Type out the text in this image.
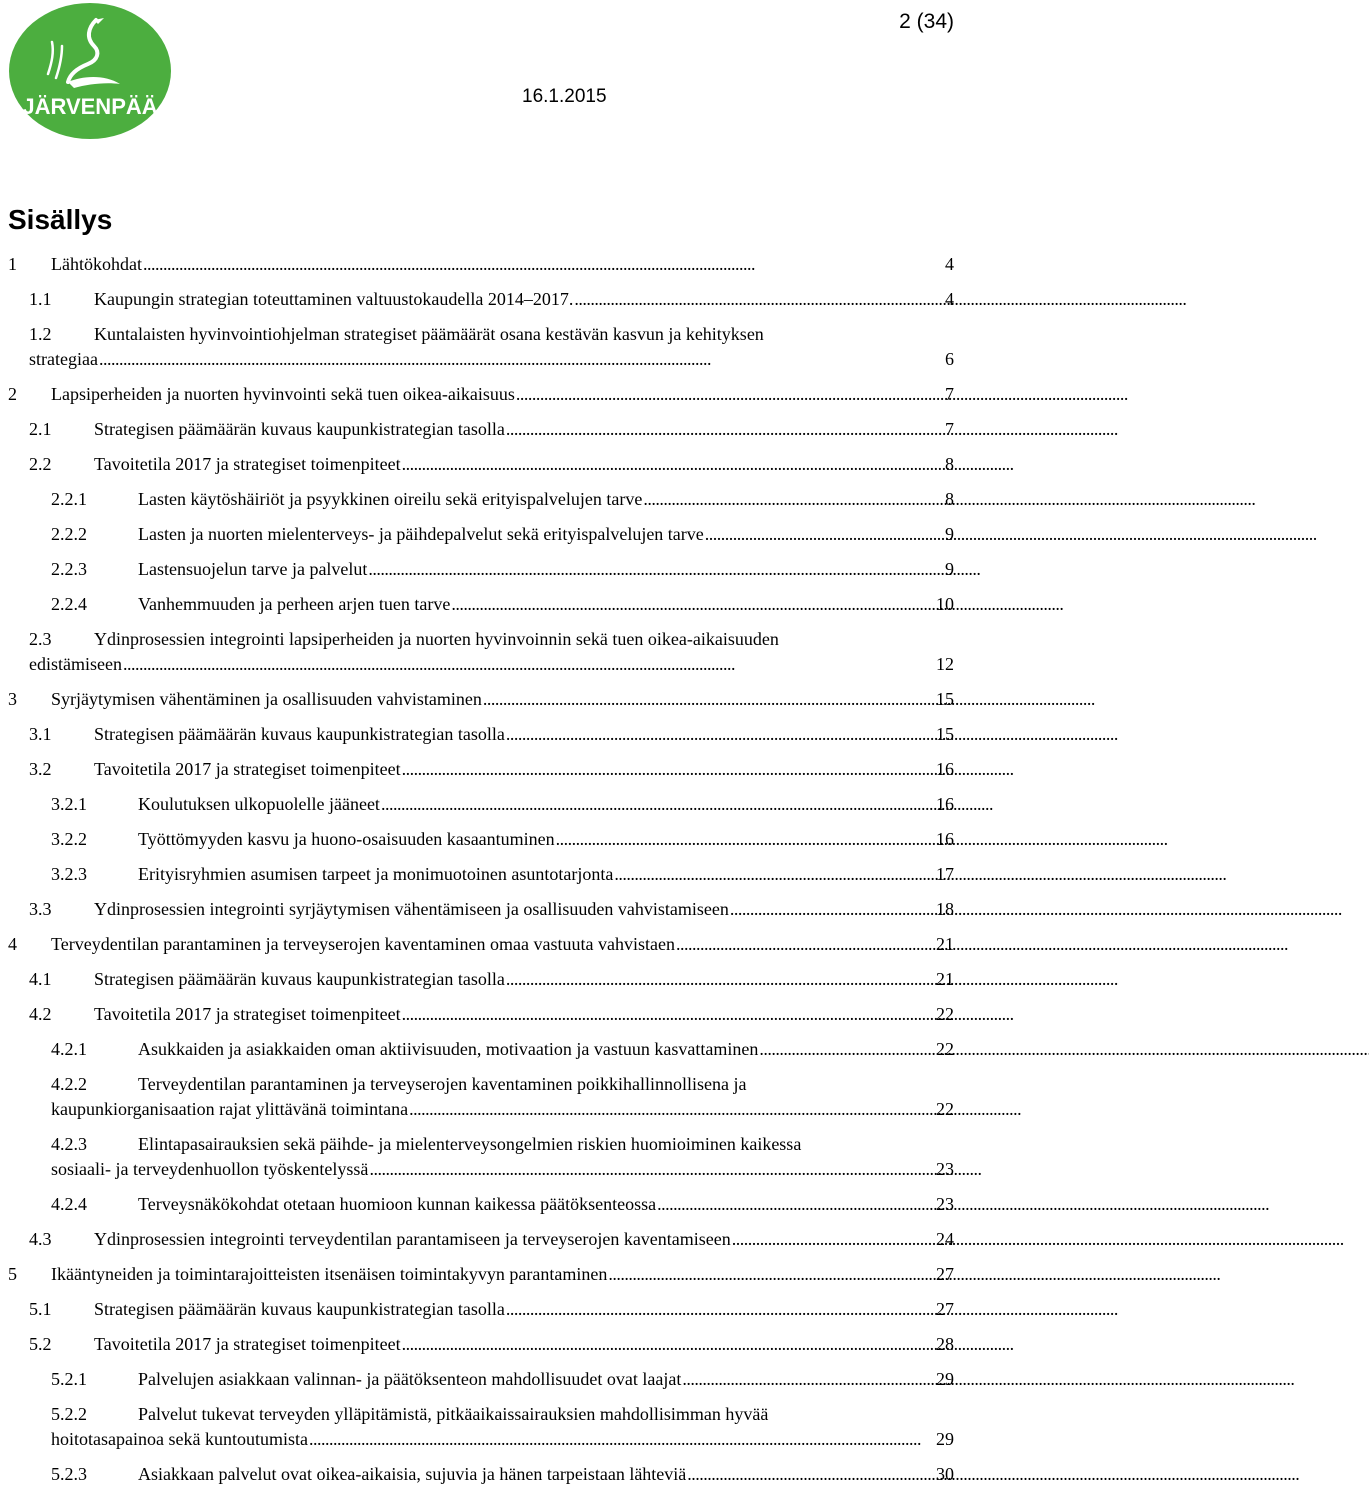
JÄRVENPÄÄ
2 (34)
16.1.2015
Sisällys
1 Lähtökohdat . . .	4
1.1 Kaupungin strategian toteuttaminen valtuustokaudella 2014–2017. . . .	4
1.2 Kuntalaisten hyvinvointiohjelman strategiset päämäärät osana kestävän kasvun ja kehityksen
strategiaa . . .	6
2 Lapsiperheiden ja nuorten hyvinvointi sekä tuen oikea-aikaisuus . . .	7
2.1 Strategisen päämäärän kuvaus kaupunkistrategian tasolla . . .	7
2.2 Tavoitetila 2017 ja strategiset toimenpiteet . . .	8
2.2.1	Lasten käytöshäiriöt ja psyykkinen oireilu sekä erityispalvelujen tarve . . .	8
2.2.2	Lasten ja nuorten mielenterveys- ja päihdepalvelut sekä erityispalvelujen tarve . . .	9
2.2.3	Lastensuojelun tarve ja palvelut . . .	9
2.2.4	Vanhemmuuden ja perheen arjen tuen tarve . . .	10
2.3 Ydinprosessien integrointi lapsiperheiden ja nuorten hyvinvoinnin sekä tuen oikea-aikaisuuden
edistämiseen . . .	12
3 Syrjäytymisen vähentäminen ja osallisuuden vahvistaminen . . .	15
3.1 Strategisen päämäärän kuvaus kaupunkistrategian tasolla . . .	15
3.2 Tavoitetila 2017 ja strategiset toimenpiteet . . .	16
3.2.1	Koulutuksen ulkopuolelle jääneet . . .	16
3.2.2	Työttömyyden kasvu ja huono-osaisuuden kasaantuminen . . .	16
3.2.3	Erityisryhmien asumisen tarpeet ja monimuotoinen asuntotarjonta . . .	17
3.3 Ydinprosessien integrointi syrjäytymisen vähentämiseen ja osallisuuden vahvistamiseen . . .	18
4 Terveydentilan parantaminen ja terveyserojen kaventaminen omaa vastuuta vahvistaen . . .	21
4.1 Strategisen päämäärän kuvaus kaupunkistrategian tasolla . . .	21
4.2 Tavoitetila 2017 ja strategiset toimenpiteet . . .	22
4.2.1	Asukkaiden ja asiakkaiden oman aktiivisuuden, motivaation ja vastuun kasvattaminen . . .	22
4.2.2	Terveydentilan parantaminen ja terveyserojen kaventaminen poikkihallinnollisena ja
kaupunkiorganisaation rajat ylittävänä toimintana . . .	22
4.2.3	Elintapasairauksien sekä päihde- ja mielenterveysongelmien riskien huomioiminen kaikessa
sosiaali- ja terveydenhuollon työskentelyssä . . .	23
4.2.4	Terveysnäkökohdat otetaan huomioon kunnan kaikessa päätöksenteossa . . .	23
4.3 Ydinprosessien integrointi terveydentilan parantamiseen ja terveyserojen kaventamiseen . . .	24
5 Ikääntyneiden ja toimintarajoitteisten itsenäisen toimintakyvyn parantaminen . . .	27
5.1 Strategisen päämäärän kuvaus kaupunkistrategian tasolla . . .	27
5.2 Tavoitetila 2017 ja strategiset toimenpiteet . . .	28
5.2.1	Palvelujen asiakkaan valinnan- ja päätöksenteon mahdollisuudet ovat laajat . . .	29
5.2.2	Palvelut tukevat terveyden ylläpitämistä, pitkäaikaissairauksien mahdollisimman hyvää
hoitotasapainoa sekä kuntoutumista . . .	29
5.2.3	Asiakkaan palvelut ovat oikea-aikaisia, sujuvia ja hänen tarpeistaan lähteviä . . .	30
